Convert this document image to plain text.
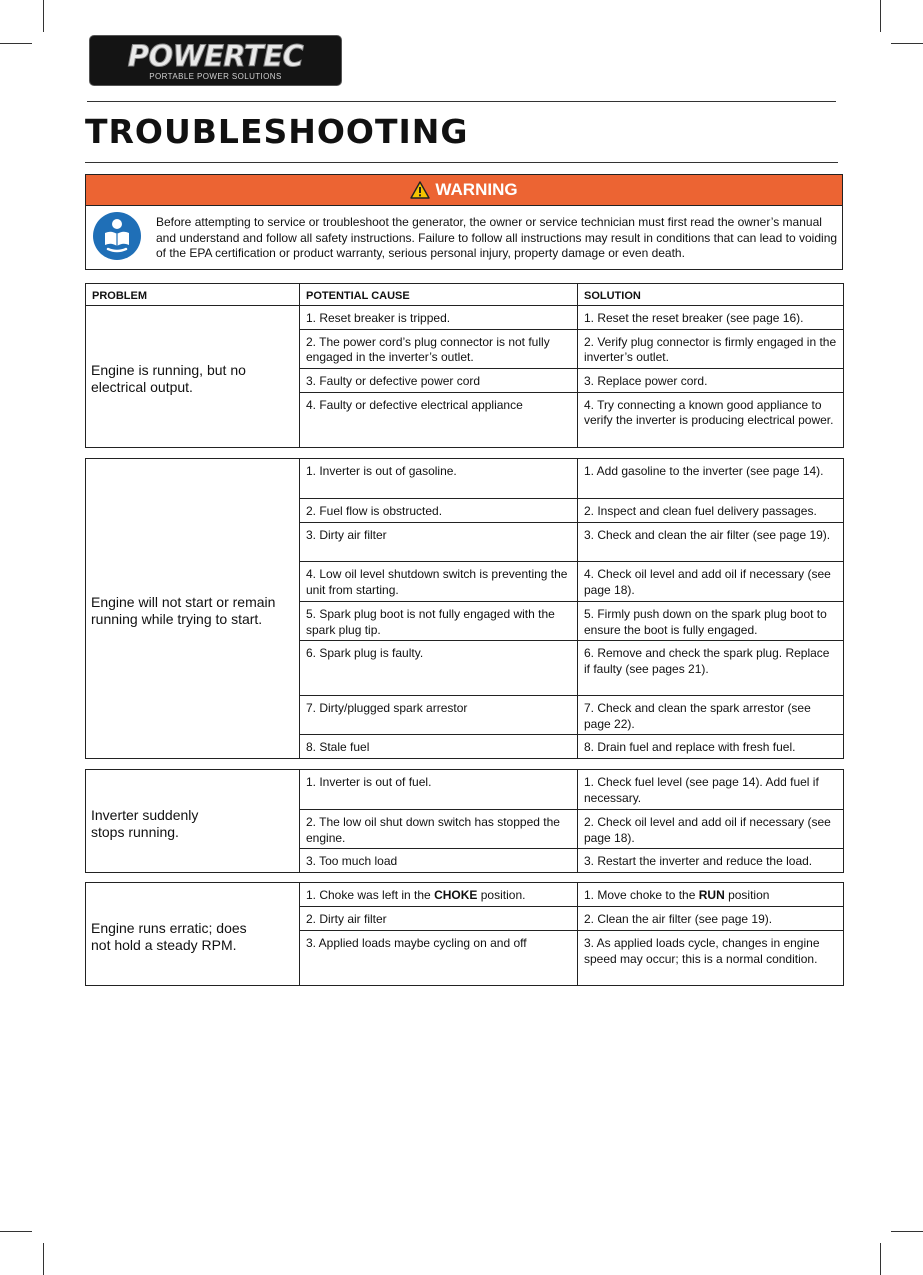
POWERTEC
PORTABLE POWER SOLUTIONS
TROUBLESHOOTING
WARNING
Before attempting to service or troubleshoot the generator, the owner or service technician must first read the owner’s manual and understand and follow all safety instructions. Failure to follow all instructions may result in conditions that can lead to voiding of the EPA certification or product warranty, serious personal injury, property damage or even death.
PROBLEM	POTENTIAL CAUSE	SOLUTION
Engine is running, but no electrical output.	1. Reset breaker is tripped.	1. Reset the reset breaker (see page 16).
	2. The power cord’s plug connector is not fully engaged in the inverter’s outlet.	2. Verify plug connector is firmly engaged in the inverter’s outlet.
	3. Faulty or defective power cord	3. Replace power cord.
	4. Faulty or defective electrical appliance	4. Try connecting a known good appliance to verify the inverter is producing electrical power.
Engine will not start or remain running while trying to start.	1. Inverter is out of gasoline.	1. Add gasoline to the inverter (see page 14).
	2. Fuel flow is obstructed.	2. Inspect and clean fuel delivery passages.
	3. Dirty air filter	3. Check and clean the air filter (see page 19).
	4. Low oil level shutdown switch is preventing the unit from starting.	4. Check oil level and add oil if necessary (see page 18).
	5. Spark plug boot is not fully engaged with the spark plug tip.	5. Firmly push down on the spark plug boot to ensure the boot is fully engaged.
	6. Spark plug is faulty.	6. Remove and check the spark plug. Replace if faulty (see pages 21).
	7. Dirty/plugged spark arrestor	7. Check and clean the spark arrestor (see page 22).
	8. Stale fuel	8. Drain fuel and replace with fresh fuel.
Inverter suddenly stops running.	1. Inverter is out of fuel.	1. Check fuel level (see page 14). Add fuel if necessary.
	2. The low oil shut down switch has stopped the engine.	2. Check oil level and add oil if necessary (see page 18).
	3. Too much load	3. Restart the inverter and reduce the load.
Engine runs erratic; does not hold a steady RPM.	1. Choke was left in the CHOKE position.	1. Move choke to the RUN position
	2. Dirty air filter	2. Clean the air filter (see page 19).
	3. Applied loads maybe cycling on and off	3. As applied loads cycle, changes in engine speed may occur; this is a normal condition.
